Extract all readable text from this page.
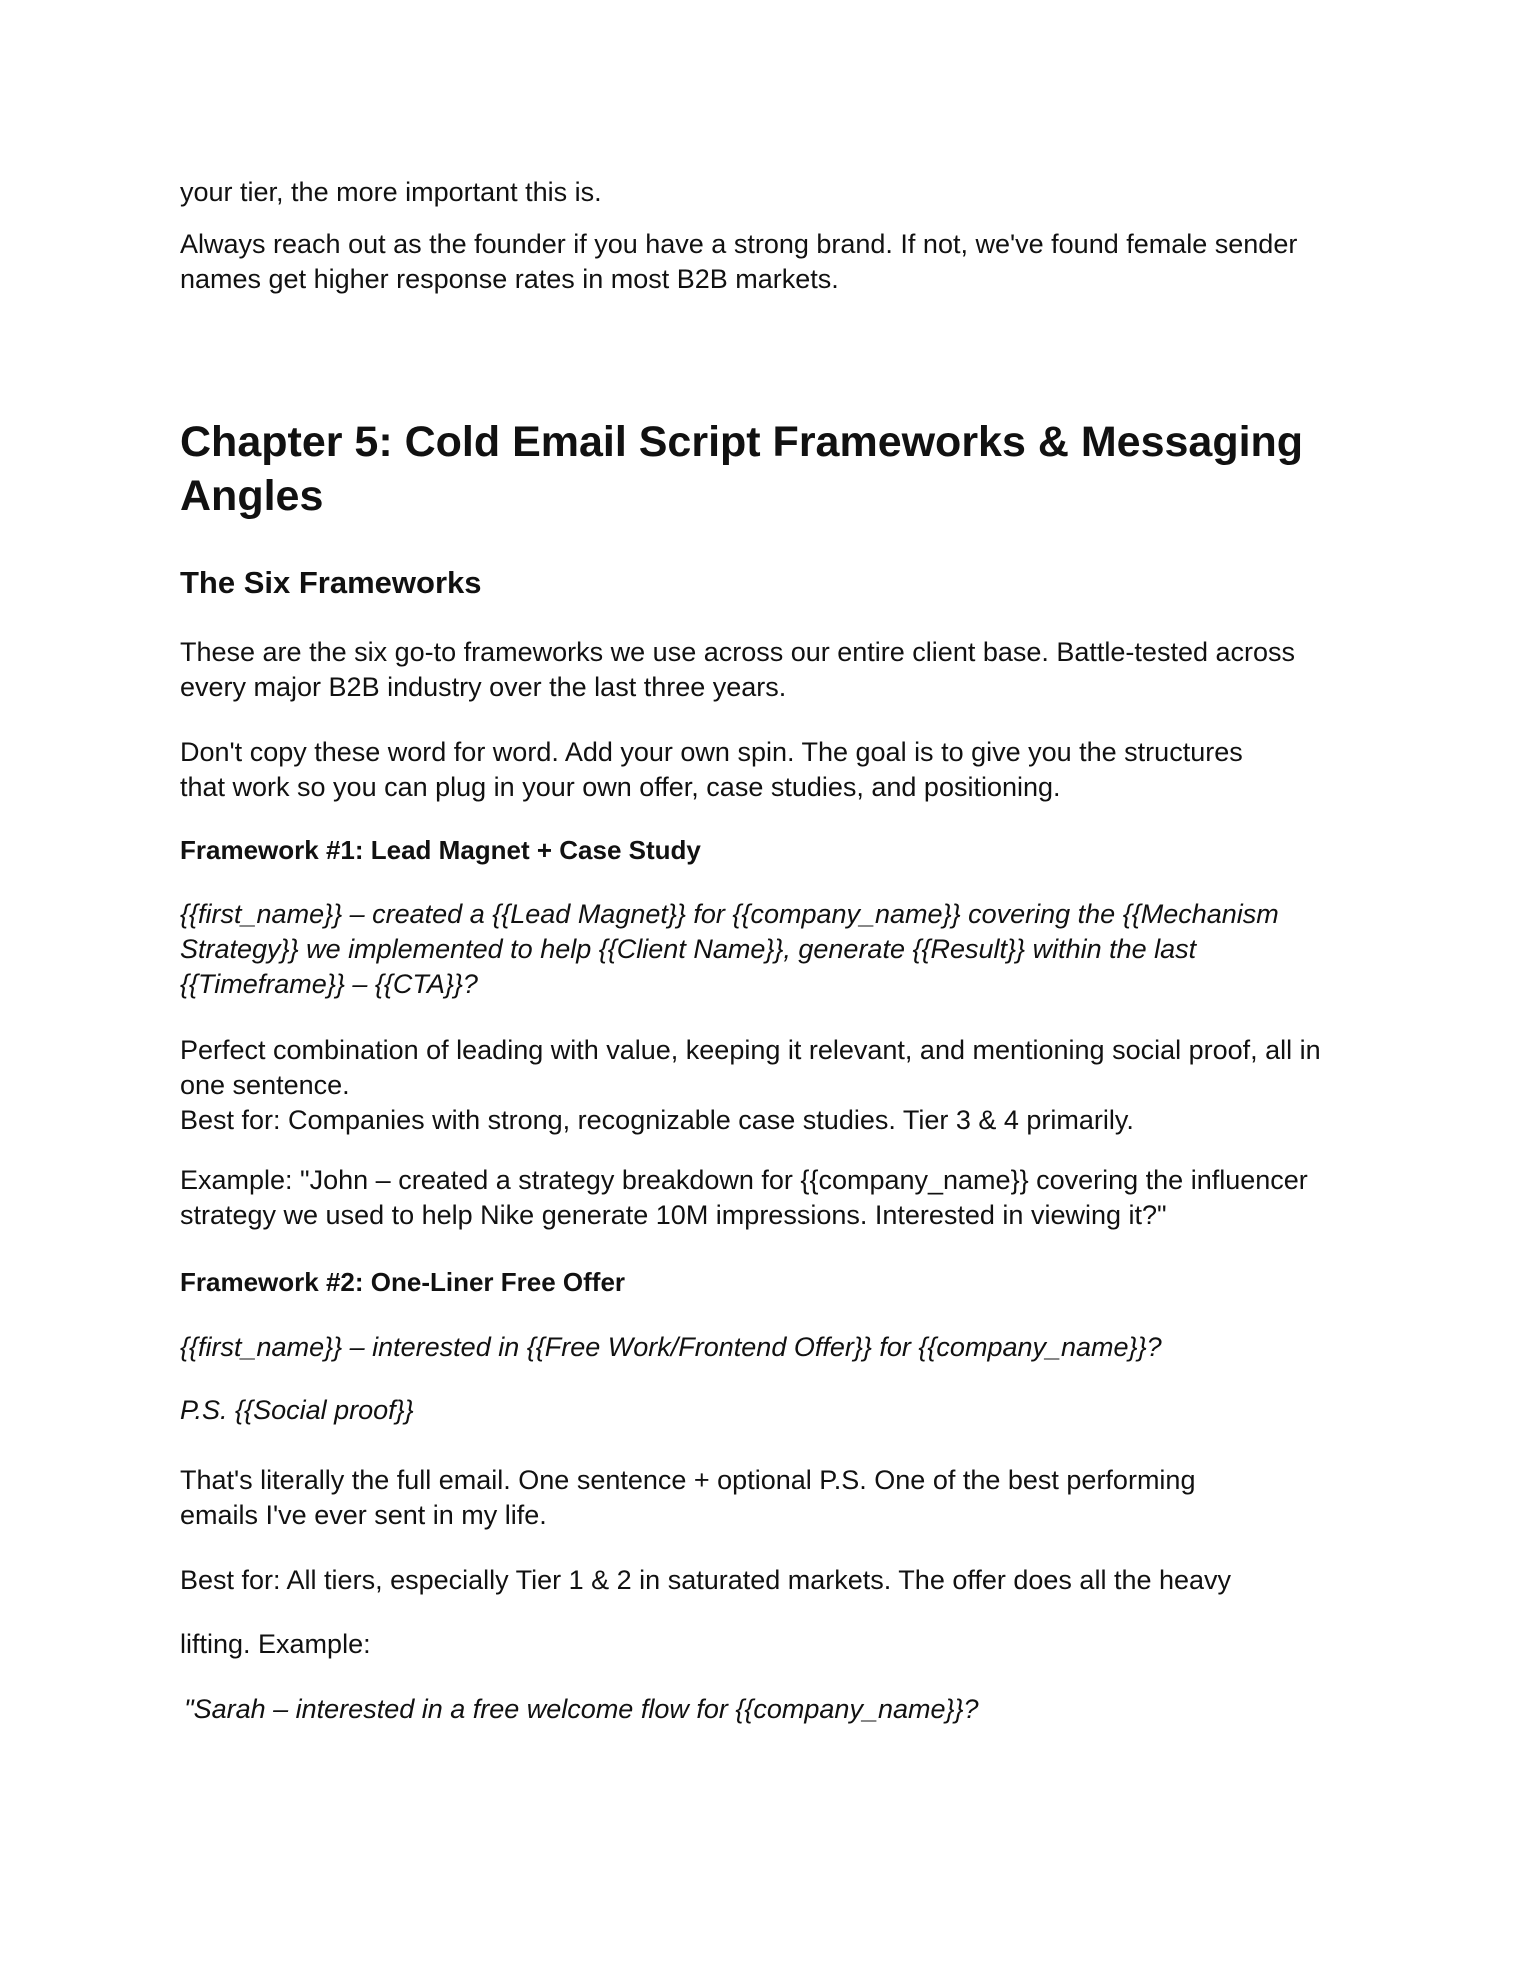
your tier, the more important this is.

Always reach out as the founder if you have a strong brand. If not, we've found female sender
names get higher response rates in most B2B markets.

Chapter 5: Cold Email Script Frameworks & Messaging
Angles
The Six Frameworks

These are the six go-to frameworks we use across our entire client base. Battle-tested across
every major B2B industry over the last three years.

Don't copy these word for word. Add your own spin. The goal is to give you the structures
that work so you can plug in your own offer, case studies, and positioning.

Framework #1: Lead Magnet + Case Study

{{first_name}} – created a {{Lead Magnet}} for {{company_name}} covering the {{Mechanism
Strategy}} we implemented to help {{Client Name}}, generate {{Result}} within the last
{{Timeframe}} – {{CTA}}?

Perfect combination of leading with value, keeping it relevant, and mentioning social proof, all in
one sentence.
Best for: Companies with strong, recognizable case studies. Tier 3 & 4 primarily.

Example: "John – created a strategy breakdown for {{company_name}} covering the influencer
strategy we used to help Nike generate 10M impressions. Interested in viewing it?"

Framework #2: One-Liner Free Offer

{{first_name}} – interested in {{Free Work/Frontend Offer}} for {{company_name}}?

P.S. {{Social proof}}

That's literally the full email. One sentence + optional P.S. One of the best performing
emails I've ever sent in my life.

Best for: All tiers, especially Tier 1 & 2 in saturated markets. The offer does all the heavy

lifting. Example:

"Sarah – interested in a free welcome flow for {{company_name}}?
